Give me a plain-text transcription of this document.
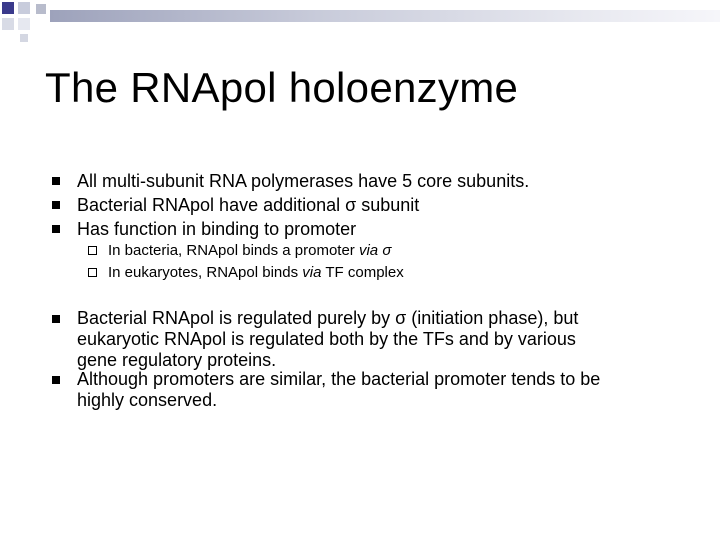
The RNApol holoenzyme
All multi-subunit RNA polymerases have 5 core subunits.
Bacterial RNApol have additional σ subunit
Has function in binding to promoter
In bacteria, RNApol binds a promoter via σ
In eukaryotes, RNApol binds via TF complex
Bacterial RNApol is regulated purely by σ (initiation phase), but
eukaryotic RNApol is regulated both by the TFs and by various
gene regulatory proteins.
Although promoters are similar, the bacterial promoter tends to be
highly conserved.
